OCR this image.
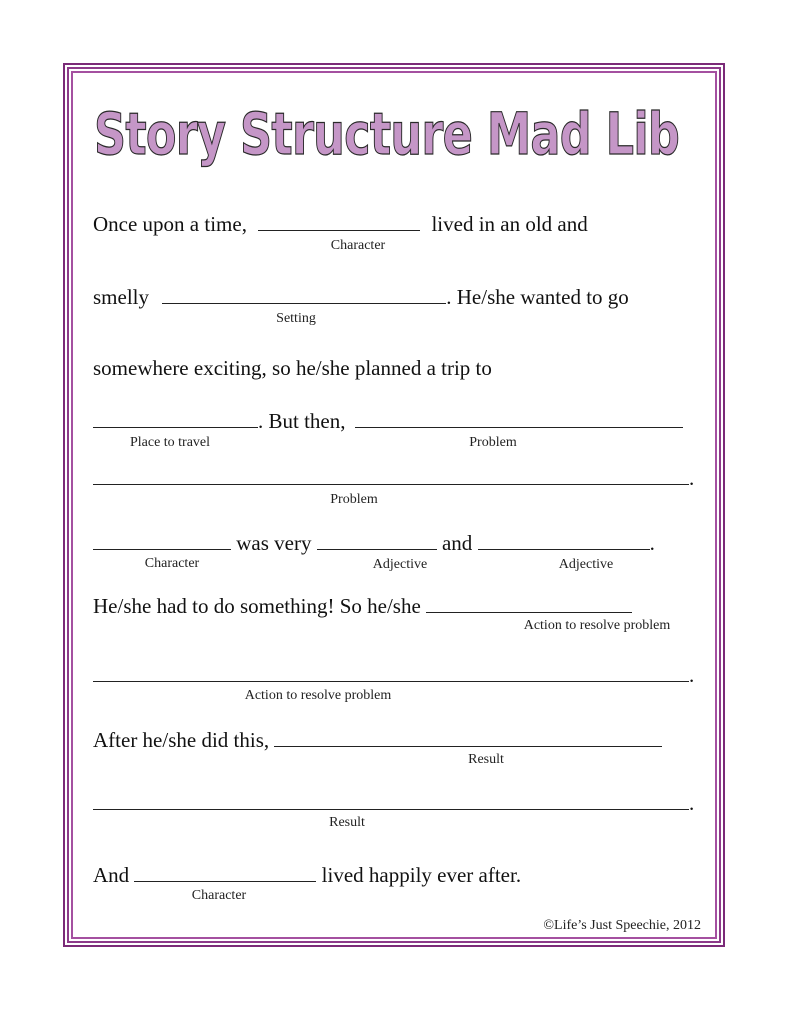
Story Structure Mad Lib
Once upon a time,	lived in an old and
Character
smelly	. He/she wanted to go
Setting
somewhere exciting, so he/she planned a trip to
. But then,
Place to travel	Problem
.
Problem
was very	and	.
Character	Adjective	Adjective
He/she had to do something! So he/she
Action to resolve problem
.
Action to resolve problem
After he/she did this,
Result
.
Result
And	lived happily ever after.
Character
©Life’s Just Speechie, 2012
